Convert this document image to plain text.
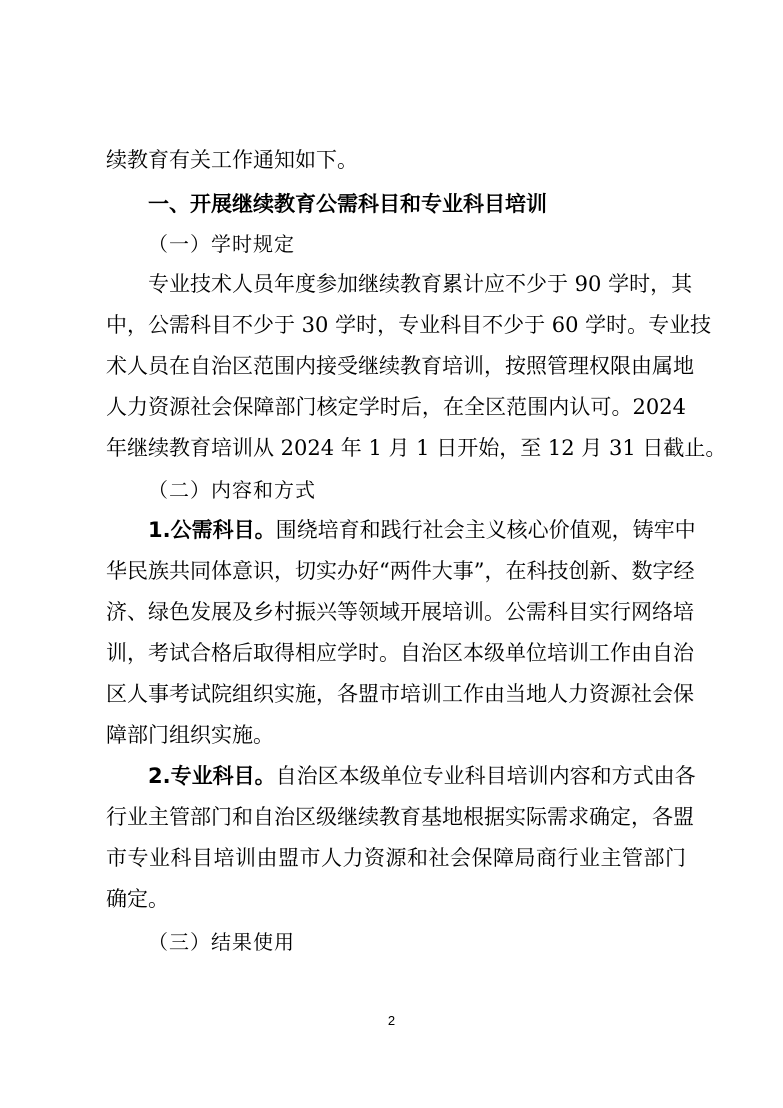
续教育有关工作通知如下。
一、开展继续教育公需科目和专业科目培训
（一）学时规定
专业技术人员年度参加继续教育累计应不少于 90 学时，其
中，公需科目不少于 30 学时，专业科目不少于 60 学时。专业技
术人员在自治区范围内接受继续教育培训，按照管理权限由属地
人力资源社会保障部门核定学时后，在全区范围内认可。2024
年继续教育培训从 2024 年 1 月 1 日开始，至 12 月 31 日截止。
（二）内容和方式
1.公需科目。围绕培育和践行社会主义核心价值观，铸牢中
华民族共同体意识，切实办好“两件大事”，在科技创新、数字经
济、绿色发展及乡村振兴等领域开展培训。公需科目实行网络培
训，考试合格后取得相应学时。自治区本级单位培训工作由自治
区人事考试院组织实施，各盟市培训工作由当地人力资源社会保
障部门组织实施。
2.专业科目。自治区本级单位专业科目培训内容和方式由各
行业主管部门和自治区级继续教育基地根据实际需求确定，各盟
市专业科目培训由盟市人力资源和社会保障局商行业主管部门
确定。
（三）结果使用
2
